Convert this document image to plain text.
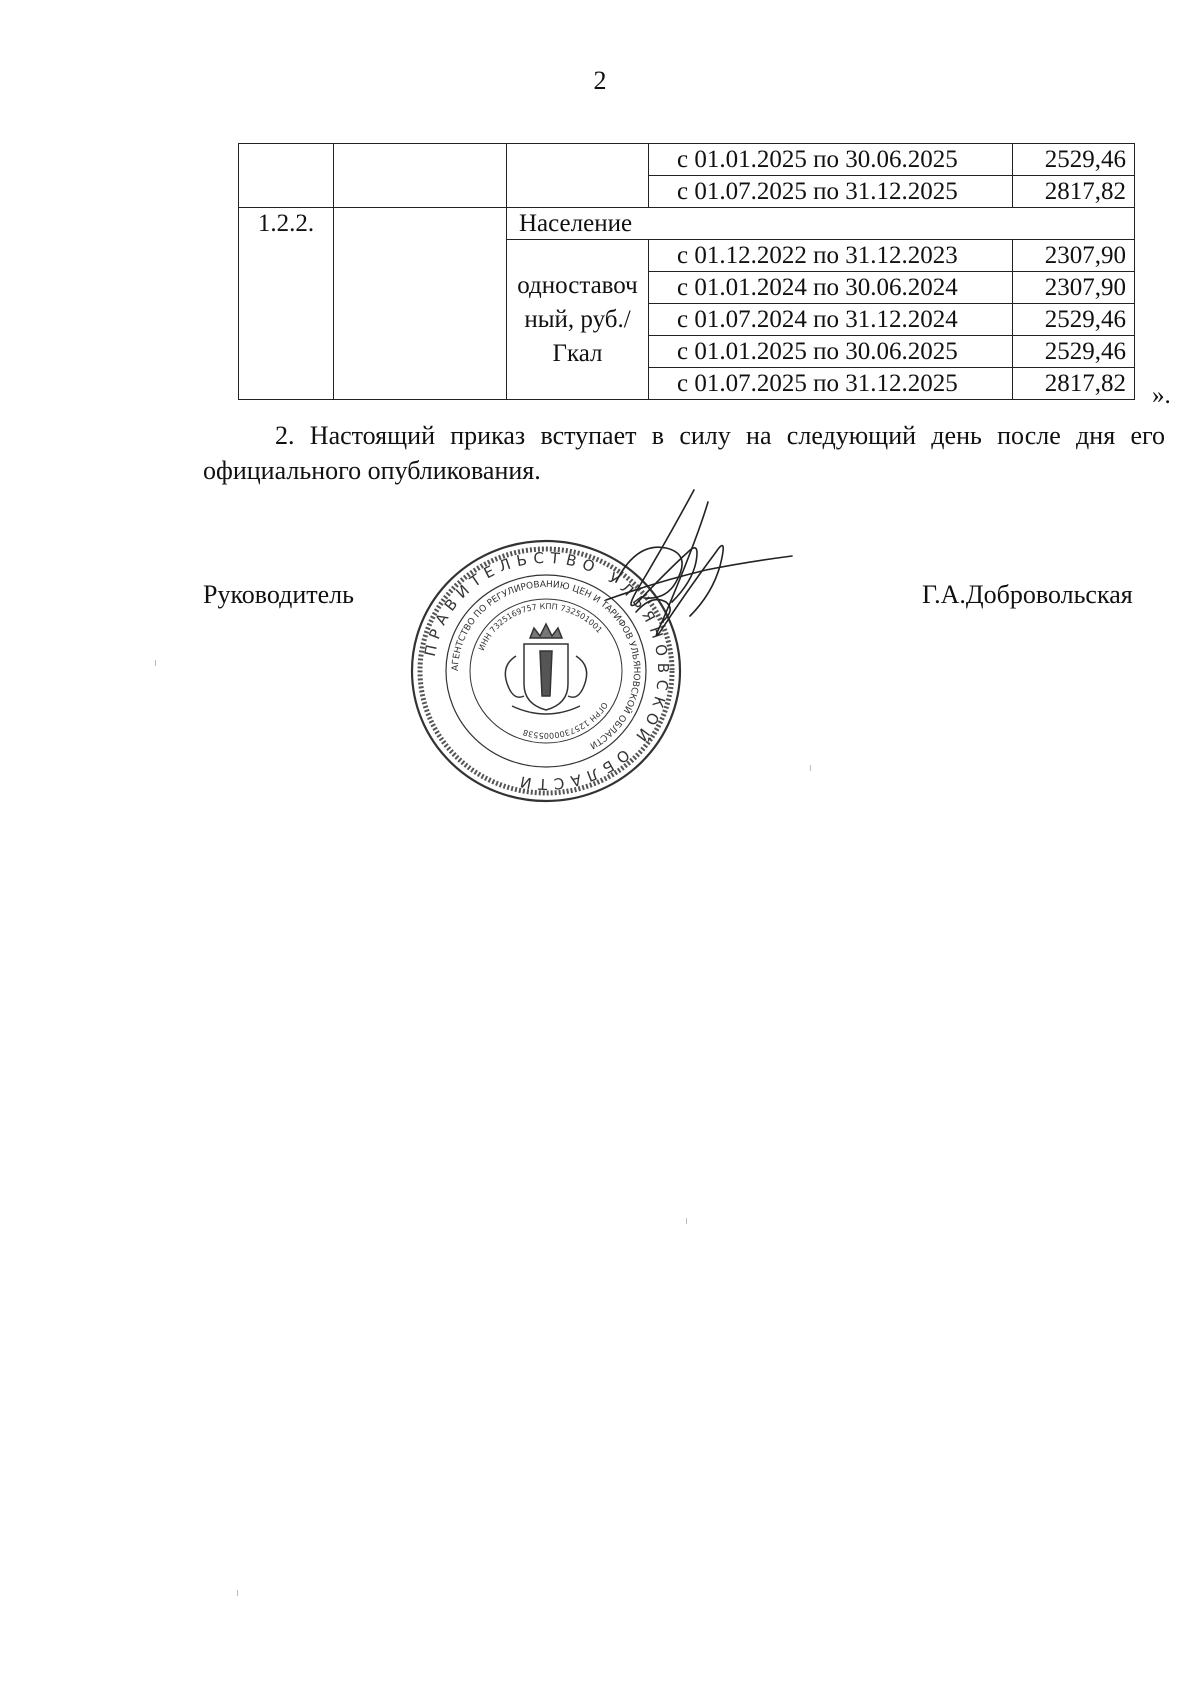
2
			с 01.01.2025 по 30.06.2025	2529,46
			с 01.07.2025 по 31.12.2025	2817,82
1.2.2.		Население		
		одноставоч ный, руб./Гкал	с 01.12.2022 по 31.12.2023	2307,90
			с 01.01.2024 по 30.06.2024	2307,90
			с 01.07.2024 по 31.12.2024	2529,46
			с 01.01.2025 по 30.06.2025	2529,46
			с 01.07.2025 по 31.12.2025	2817,82 ».
2. Настоящий приказ вступает в силу на следующий день после дня его официального опубликования.
Руководитель	Г.А.Добровольская
ПРАВИТЕЛЬСТВО УЛЬЯНОВСКОЙ ОБЛАСТИ
АГЕНТСТВО ПО РЕГУЛИРОВАНИЮ ЦЕН И ТАРИФОВ УЛЬЯНОВСКОЙ ОБЛАСТИ
ИНН 7325169757 КПП 732501001
ОГРН 1257300005538
